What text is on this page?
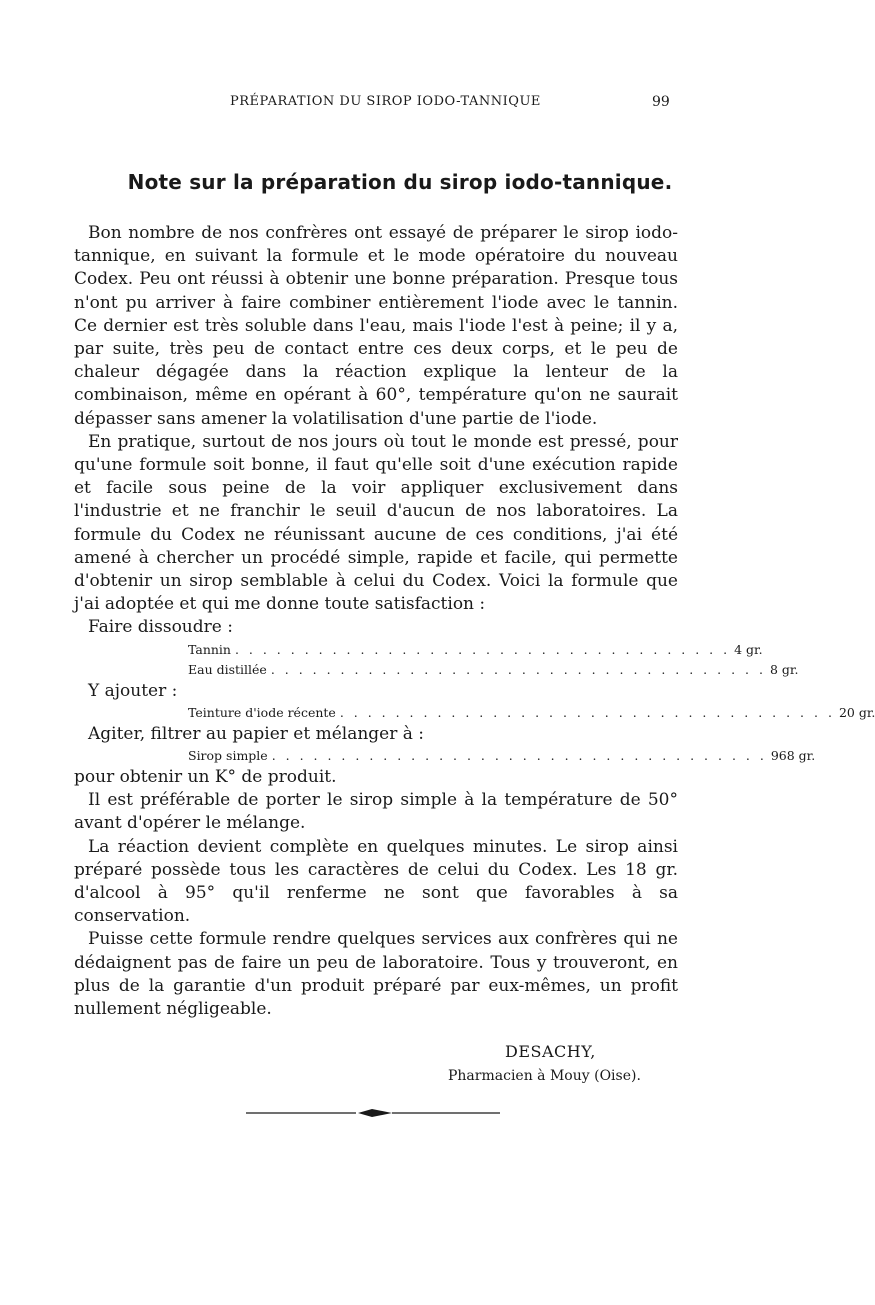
PRÉPARATION DU SIROP IODO-TANNIQUE	99
Note sur la préparation du sirop iodo-tannique.

Bon nombre de nos confrères ont essayé de préparer le sirop iodo-tannique, en suivant la formule et le mode opératoire du nouveau Codex. Peu ont réussi à obtenir une bonne préparation. Presque tous n'ont pu arriver à faire combiner entièrement l'iode avec le tannin. Ce dernier est très soluble dans l'eau, mais l'iode l'est à peine; il y a, par suite, très peu de contact entre ces deux corps, et le peu de chaleur dégagée dans la réaction explique la lenteur de la combinaison, même en opérant à 60°, température qu'on ne saurait dépasser sans amener la volatilisation d'une partie de l'iode.

En pratique, surtout de nos jours où tout le monde est pressé, pour qu'une formule soit bonne, il faut qu'elle soit d'une exécution rapide et facile sous peine de la voir appliquer exclusivement dans l'industrie et ne franchir le seuil d'aucun de nos laboratoires. La formule du Codex ne réunissant aucune de ces conditions, j'ai été amené à chercher un procédé simple, rapide et facile, qui permette d'obtenir un sirop semblable à celui du Codex. Voici la formule que j'ai adoptée et qui me donne toute satisfaction :

Faire dissoudre :

Tannin . . . . . . . . . . . . . . . . . . . . . . . . . . . . . . . . . . . . 4 gr.
Eau distillée . . . . . . . . . . . . . . . . . . . . . . . . . . . . . . . . . . . . 8 gr.

Y ajouter :

Teinture d'iode récente . . . . . . . . . . . . . . . . . . . . . . . . . . . . . . . . . . . . 20 gr.

Agiter, filtrer au papier et mélanger à :

Sirop simple . . . . . . . . . . . . . . . . . . . . . . . . . . . . . . . . . . . . 968 gr.

pour obtenir un K° de produit.

Il est préférable de porter le sirop simple à la température de 50° avant d'opérer le mélange.

La réaction devient complète en quelques minutes. Le sirop ainsi préparé possède tous les caractères de celui du Codex. Les 18 gr. d'alcool à 95° qu'il renferme ne sont que favorables à sa conservation.

Puisse cette formule rendre quelques services aux confrères qui ne dédaignent pas de faire un peu de laboratoire. Tous y trouveront, en plus de la garantie d'un produit préparé par eux-mêmes, un profit nullement négligeable.

DESACHY,
Pharmacien à Mouy (Oise).
